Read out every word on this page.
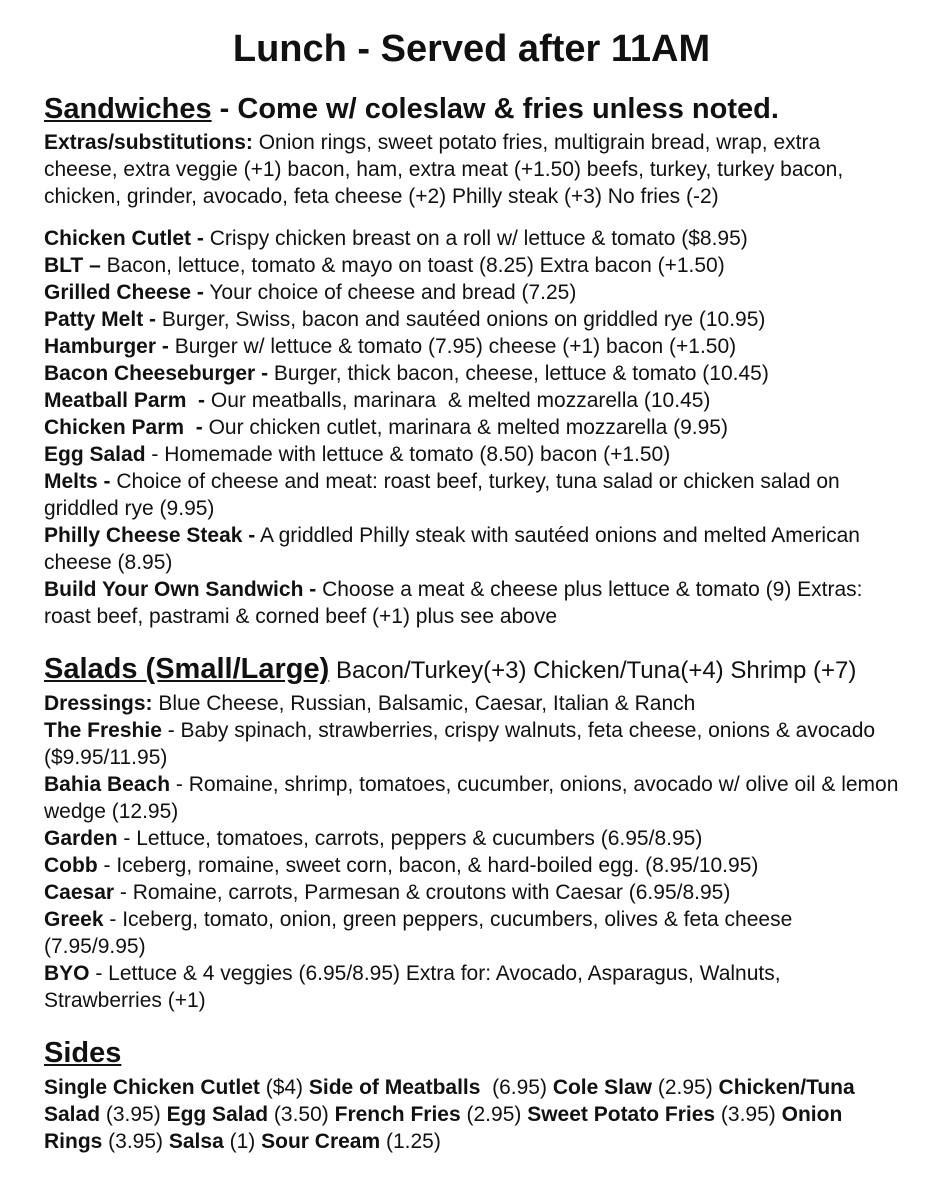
Lunch - Served after 11AM
Sandwiches - Come w/ coleslaw & fries unless noted.

Extras/substitutions: Onion rings, sweet potato fries, multigrain bread, wrap, extra cheese, extra veggie (+1) bacon, ham, extra meat (+1.50) beefs, turkey, turkey bacon, chicken, grinder, avocado, feta cheese (+2) Philly steak (+3) No fries (-2)

Chicken Cutlet - Crispy chicken breast on a roll w/ lettuce & tomato ($8.95)

BLT – Bacon, lettuce, tomato & mayo on toast (8.25) Extra bacon (+1.50)

Grilled Cheese - Your choice of cheese and bread (7.25)

Patty Melt - Burger, Swiss, bacon and sautéed onions on griddled rye (10.95)

Hamburger - Burger w/ lettuce & tomato (7.95) cheese (+1) bacon (+1.50)

Bacon Cheeseburger - Burger, thick bacon, cheese, lettuce & tomato (10.45)

Meatball Parm  - Our meatballs, marinara  & melted mozzarella (10.45)

Chicken Parm  - Our chicken cutlet, marinara & melted mozzarella (9.95)

Egg Salad - Homemade with lettuce & tomato (8.50) bacon (+1.50)

Melts - Choice of cheese and meat: roast beef, turkey, tuna salad or chicken salad on griddled rye (9.95)

Philly Cheese Steak - A griddled Philly steak with sautéed onions and melted American cheese (8.95)

Build Your Own Sandwich - Choose a meat & cheese plus lettuce & tomato (9) Extras: roast beef, pastrami & corned beef (+1) plus see above

Salads (Small/Large) Bacon/Turkey(+3) Chicken/Tuna(+4) Shrimp (+7)

Dressings: Blue Cheese, Russian, Balsamic, Caesar, Italian & Ranch

The Freshie - Baby spinach, strawberries, crispy walnuts, feta cheese, onions & avocado ($9.95/11.95)

Bahia Beach - Romaine, shrimp, tomatoes, cucumber, onions, avocado w/ olive oil & lemon wedge (12.95)

Garden - Lettuce, tomatoes, carrots, peppers & cucumbers (6.95/8.95)

Cobb - Iceberg, romaine, sweet corn, bacon, & hard-boiled egg. (8.95/10.95)

Caesar - Romaine, carrots, Parmesan & croutons with Caesar (6.95/8.95)

Greek - Iceberg, tomato, onion, green peppers, cucumbers, olives & feta cheese (7.95/9.95)

BYO - Lettuce & 4 veggies (6.95/8.95) Extra for: Avocado, Asparagus, Walnuts, Strawberries (+1)

Sides

Single Chicken Cutlet ($4) Side of Meatballs  (6.95) Cole Slaw (2.95) Chicken/Tuna Salad (3.95) Egg Salad (3.50) French Fries (2.95) Sweet Potato Fries (3.95) Onion Rings (3.95) Salsa (1) Sour Cream (1.25)
